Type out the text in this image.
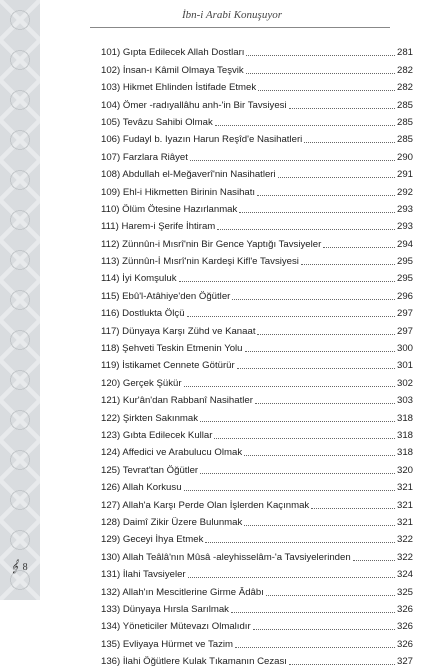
İbn-i Arabi Konuşuyor
101) Gıpta Edilecek Allah Dostları	281
102) İnsan-ı Kâmil Olmaya Teşvik	282
103) Hikmet Ehlinden İstifade Etmek	282
104) Ömer -radıyallâhu anh-'in Bir Tavsiyesi	285
105) Tevâzu Sahibi Olmak	285
106) Fudayl b. Iyazın Harun Reşîd'e Nasihatleri	285
107) Farzlara Riâyet	290
108) Abdullah el-Meğaverî'nin Nasihatleri	291
109) Ehl-i Hikmetten Birinin Nasihatı	292
110) Ölüm Ötesine Hazırlanmak	293
111) Harem-i Şerife İhtiram	293
112) Zünnûn-i Mısrî'nin Bir Gence Yaptığı Tavsiyeler	294
113) Zünnûn-İ Mısrî'nin Kardeşi Kifl'e Tavsiyesi	295
114) İyi Komşuluk	295
115) Ebû'l-Atâhiye'den Öğütler	296
116) Dostlukta Ölçü	297
117) Dünyaya Karşı Zühd ve Kanaat	297
118) Şehveti Teskin Etmenin Yolu	300
119) İstikamet Cennete Götürür	301
120) Gerçek Şükür	302
121) Kur'ân'dan Rabbanî Nasihatler	303
122) Şirkten Sakınmak	318
123) Gıbta Edilecek Kullar	318
124) Affedici ve Arabulucu Olmak	318
125) Tevrat'tan Öğütler	320
126) Allah Korkusu	321
127) Allah'a Karşı Perde Olan İşlerden Kaçınmak	321
128) Daimî Zikir Üzere Bulunmak	321
129) Geceyi İhya Etmek	322
130) Allah Teâlâ'nın Mûsâ -aleyhisselâm-'a Tavsiyelerinden	322
131) İlahi Tavsiyeler	324
132) Allah'ın Mescitlerine Girme Âdâbı	325
133) Dünyaya Hırsla Sarılmak	326
134) Yöneticiler Mütevazı Olmalıdır	326
135) Evliyaya Hürmet ve Tazim	326
136) İlahi Öğütlere Kulak Tıkamanın Cezası	327
𝄞 8
